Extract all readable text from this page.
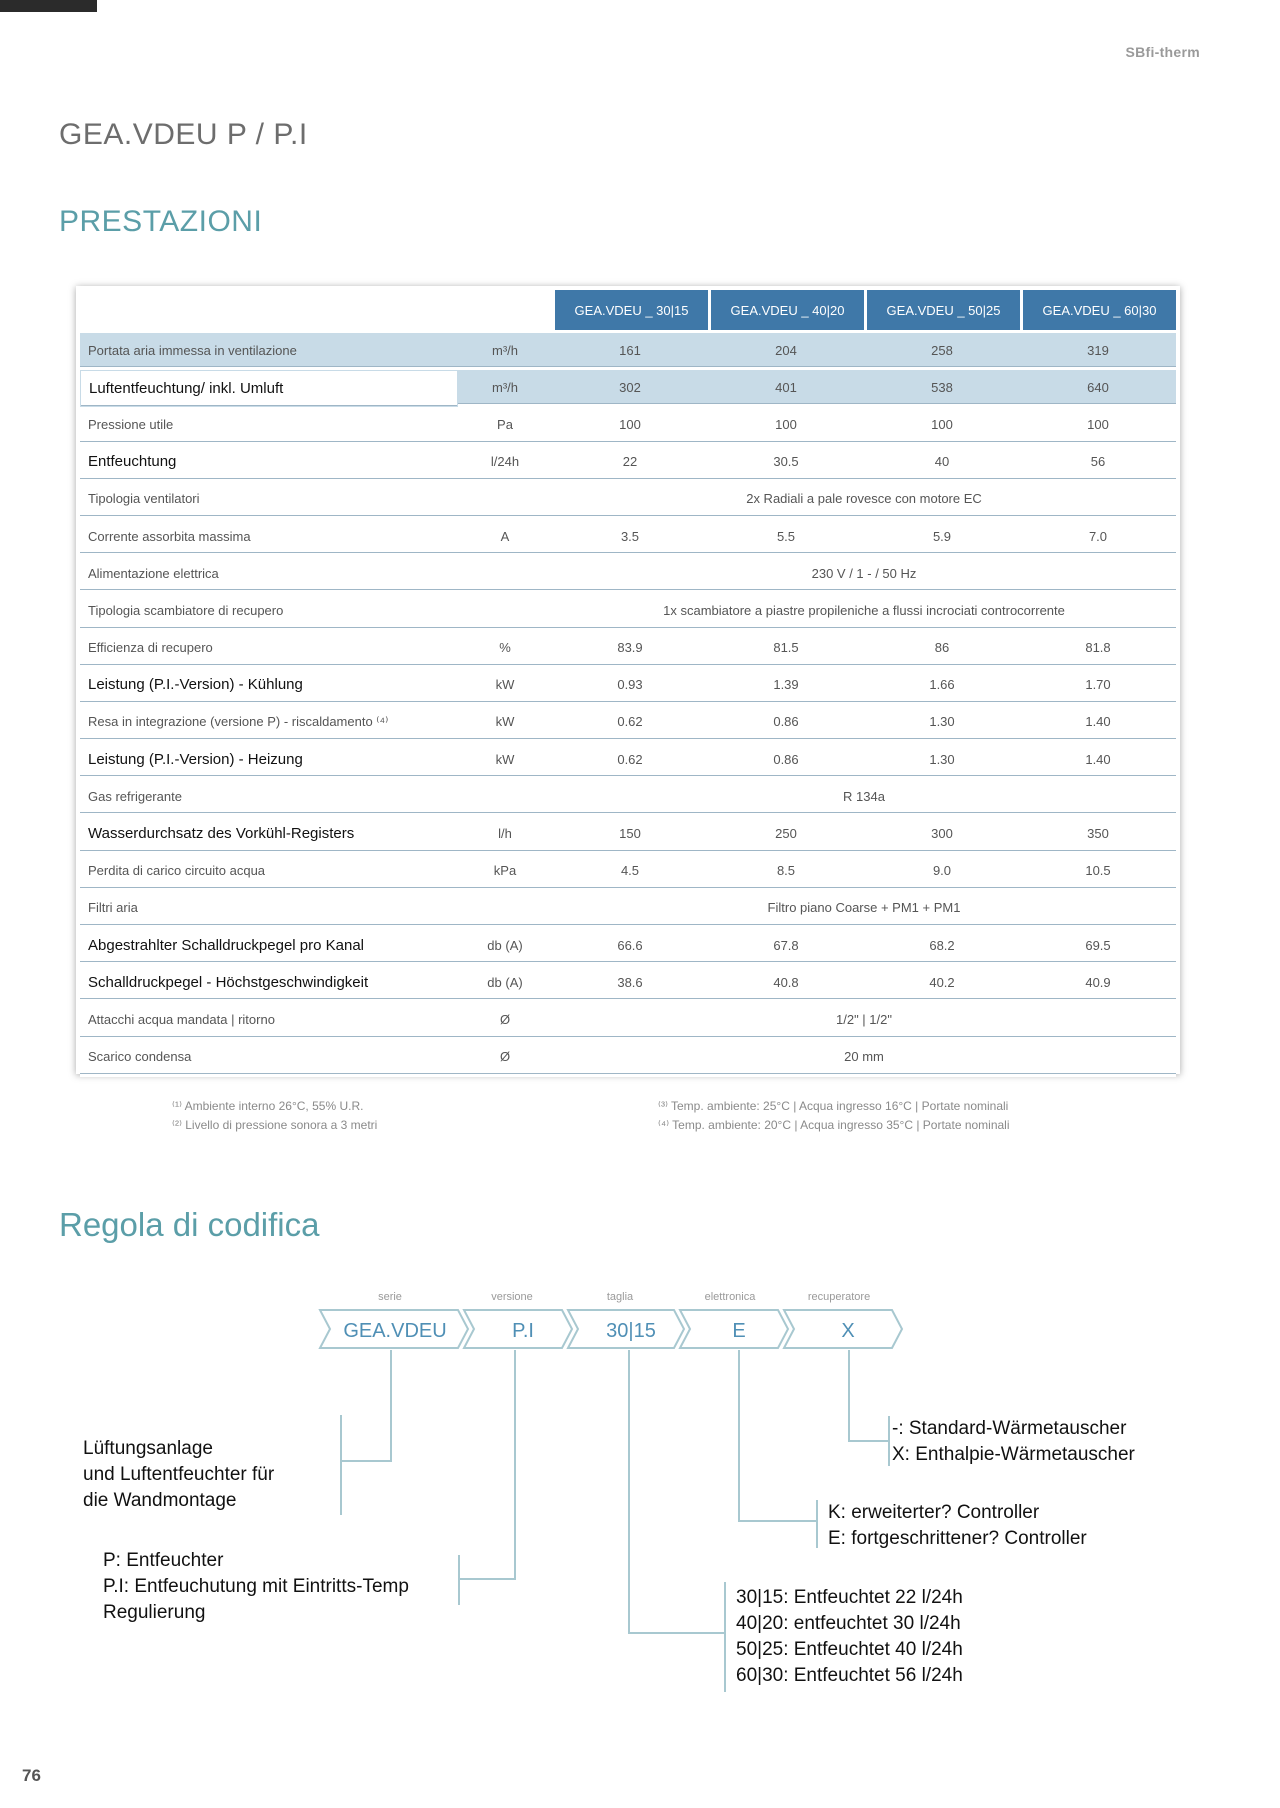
SBfi-therm
GEA.VDEU P / P.I
PRESTAZIONI
		GEA.VDEU _ 30|15	GEA.VDEU _ 40|20	GEA.VDEU _ 50|25	GEA.VDEU _ 60|30
Portata aria immessa in ventilazione	m³/h	161	204	258	319
Luftentfeuchtung/ inkl. Umluft	m³/h	302	401	538	640
Pressione utile	Pa	100	100	100	100
Entfeuchtung	l/24h	22	30.5	40	56
Tipologia ventilatori		2x Radiali a pale rovesce con motore EC			
Corrente assorbita massima	A	3.5	5.5	5.9	7.0
Alimentazione elettrica		230 V / 1 - / 50 Hz			
Tipologia scambiatore di recupero		1x scambiatore a piastre propileniche a flussi incrociati controcorrente			
Efficienza di recupero	%	83.9	81.5	86	81.8
Leistung (P.I.-Version) - Kühlung	kW	0.93	1.39	1.66	1.70
Resa in integrazione (versione P) - riscaldamento ⁽⁴⁾	kW	0.62	0.86	1.30	1.40
Leistung (P.I.-Version) - Heizung	kW	0.62	0.86	1.30	1.40
Gas refrigerante		R 134a			
Wasserdurchsatz des Vorkühl-Registers	l/h	150	250	300	350
Perdita di carico circuito acqua	kPa	4.5	8.5	9.0	10.5
Filtri aria		Filtro piano Coarse + PM1 + PM1			
Abgestrahlter Schalldruckpegel pro Kanal	db (A)	66.6	67.8	68.2	69.5
Schalldruckpegel - Höchstgeschwindigkeit	db (A)	38.6	40.8	40.2	40.9
Attacchi acqua mandata | ritorno	Ø	1/2" | 1/2"			
Scarico condensa	Ø	20 mm			
⁽¹⁾ Ambiente interno 26°C, 55% U.R.
⁽²⁾ Livello di pressione sonora a 3 metri
⁽³⁾ Temp. ambiente: 25°C | Acqua ingresso 16°C | Portate nominali
⁽⁴⁾ Temp. ambiente: 20°C | Acqua ingresso 35°C | Portate nominali
Regola di codifica
serie	versione	taglia	elettronica	recuperatore
GEA.VDEU	P.I	30|15	E	X
Lüftungsanlage
und Luftentfeuchter für
die Wandmontage
P: Entfeuchter
P.I: Entfeuchutung mit Eintritts-Temp
Regulierung
30|15: Entfeuchtet 22 l/24h
40|20: entfeuchtet 30 l/24h
50|25: Entfeuchtet 40 l/24h
60|30: Entfeuchtet 56 l/24h
K: erweiterter? Controller
E: fortgeschrittener? Controller
-: Standard-Wärmetauscher
X: Enthalpie-Wärmetauscher
76
